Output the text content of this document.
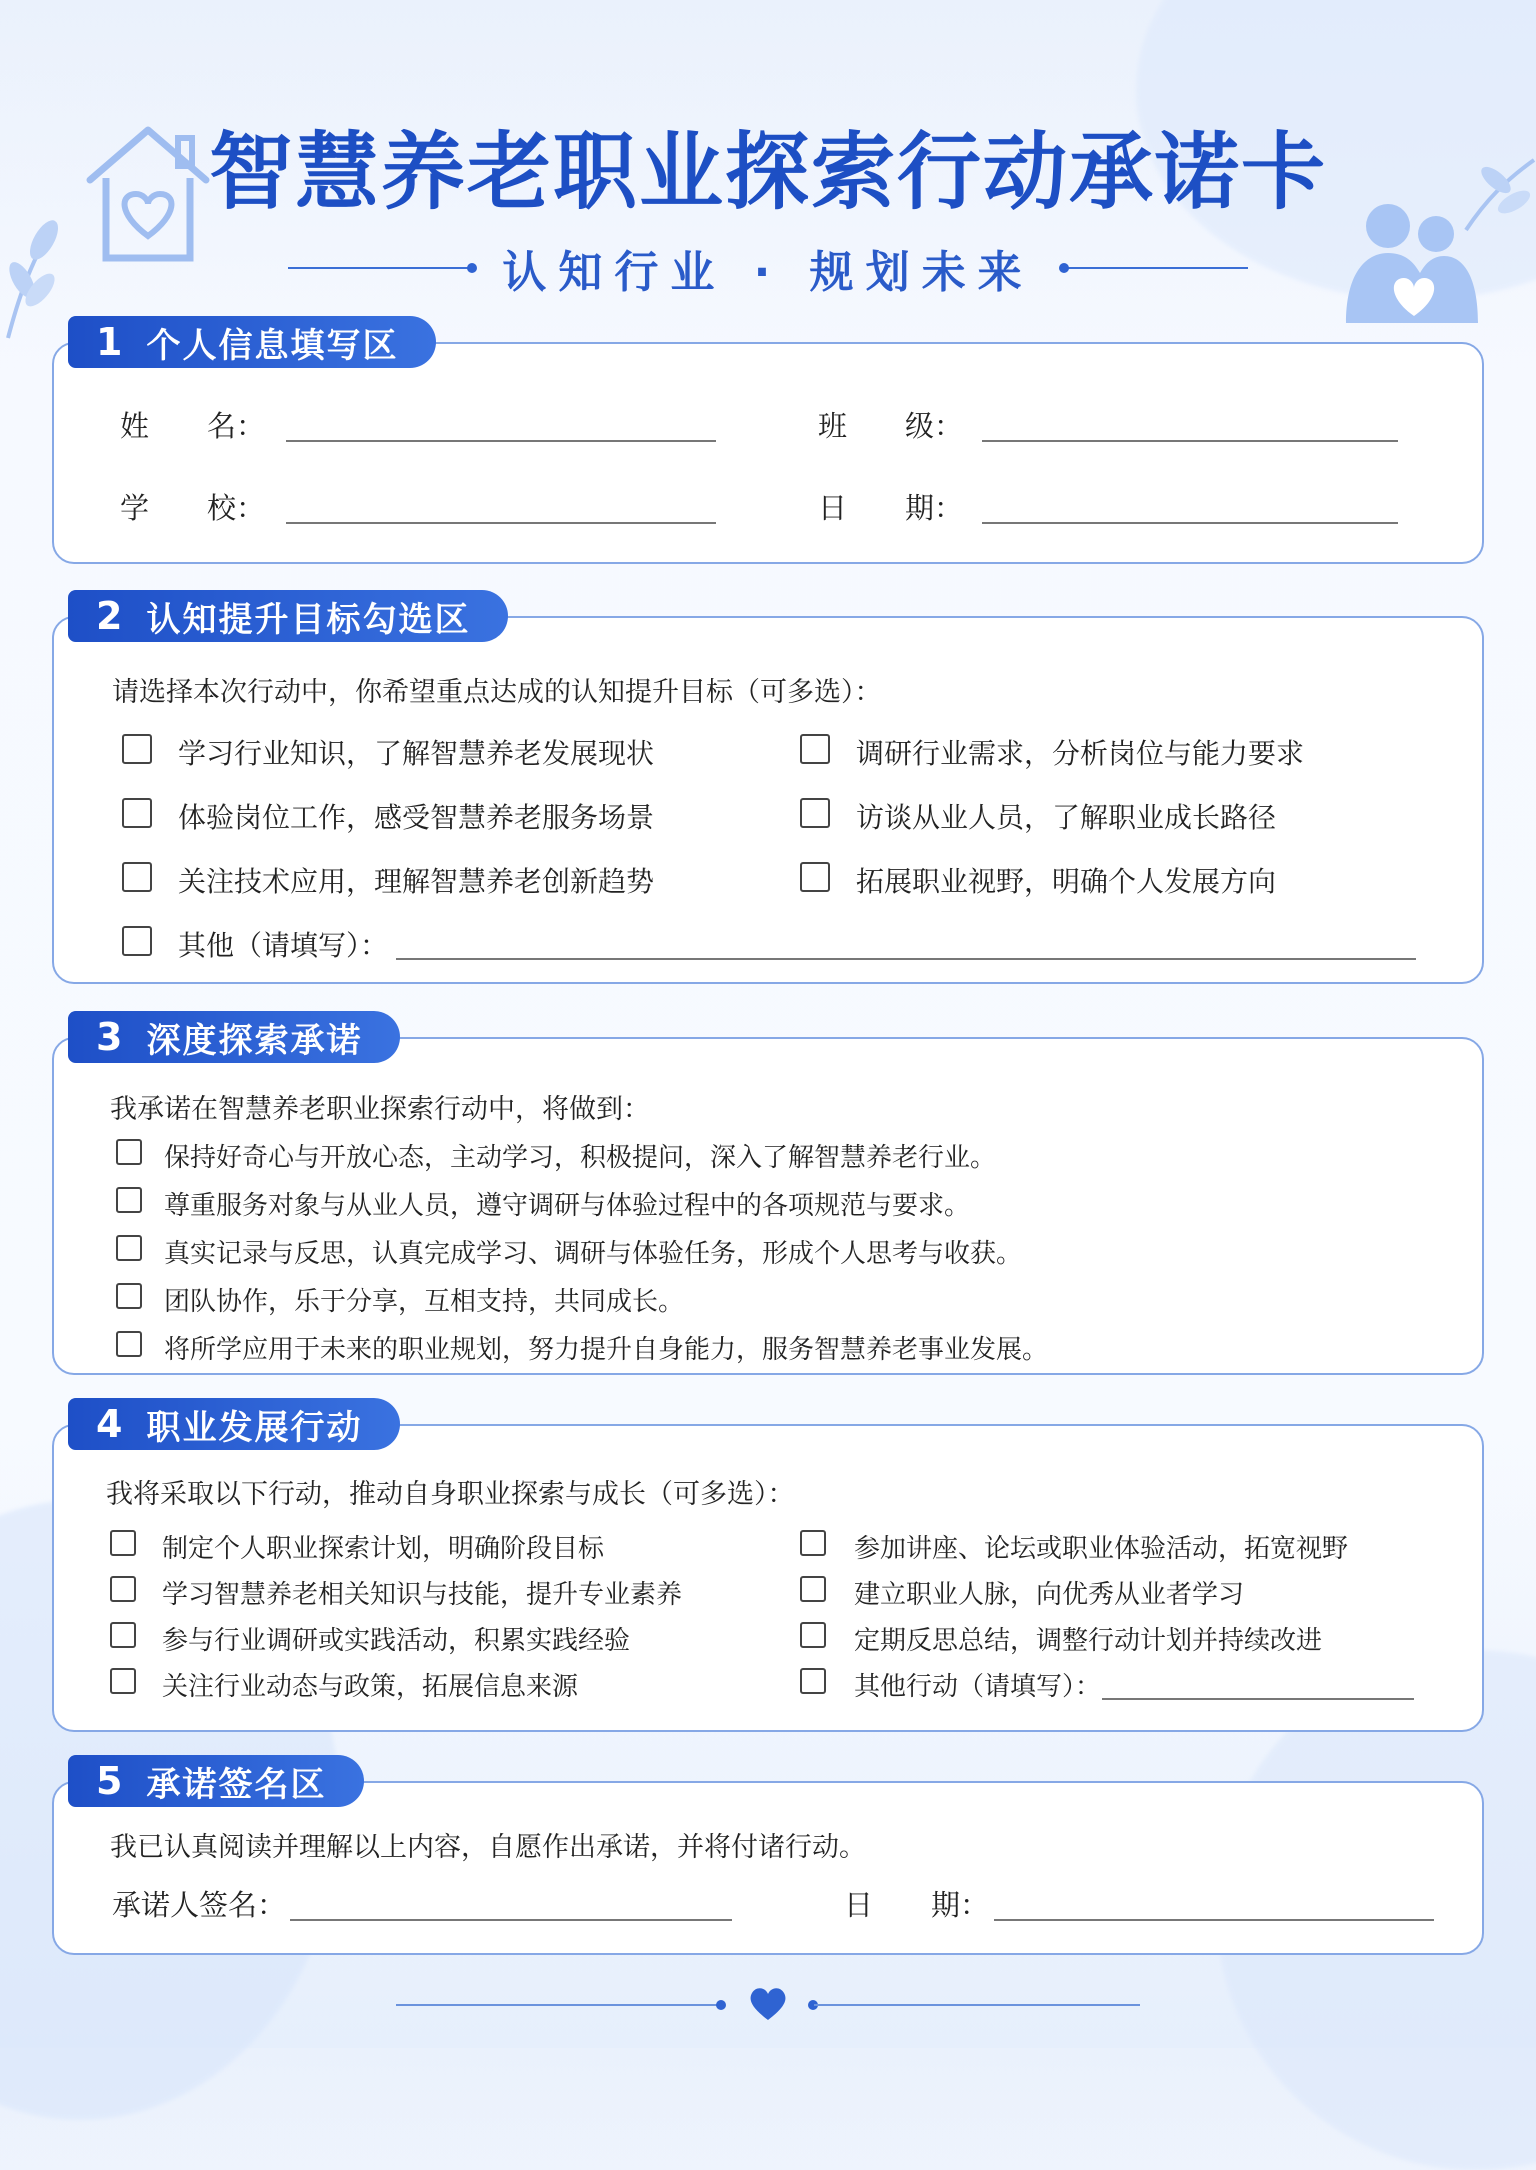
智慧养老职业探索行动承诺卡
认知行业 · 规划未来
1 个人信息填写区
姓　　名：	班　　级：
学　　校：	日　　期：
2 认知提升目标勾选区
请选择本次行动中，你希望重点达成的认知提升目标（可多选）：
学习行业知识，了解智慧养老发展现状	调研行业需求，分析岗位与能力要求
体验岗位工作，感受智慧养老服务场景	访谈从业人员，了解职业成长路径
关注技术应用，理解智慧养老创新趋势	拓展职业视野，明确个人发展方向
其他（请填写）：
3 深度探索承诺
我承诺在智慧养老职业探索行动中，将做到：
保持好奇心与开放心态，主动学习，积极提问，深入了解智慧养老行业。
尊重服务对象与从业人员，遵守调研与体验过程中的各项规范与要求。
真实记录与反思，认真完成学习、调研与体验任务，形成个人思考与收获。
团队协作，乐于分享，互相支持，共同成长。
将所学应用于未来的职业规划，努力提升自身能力，服务智慧养老事业发展。
4 职业发展行动
我将采取以下行动，推动自身职业探索与成长（可多选）：
制定个人职业探索计划，明确阶段目标	参加讲座、论坛或职业体验活动，拓宽视野
学习智慧养老相关知识与技能，提升专业素养	建立职业人脉，向优秀从业者学习
参与行业调研或实践活动，积累实践经验	定期反思总结，调整行动计划并持续改进
关注行业动态与政策，拓展信息来源	其他行动（请填写）：
5 承诺签名区
我已认真阅读并理解以上内容，自愿作出承诺，并将付诸行动。
承诺人签名：	日　　期：
